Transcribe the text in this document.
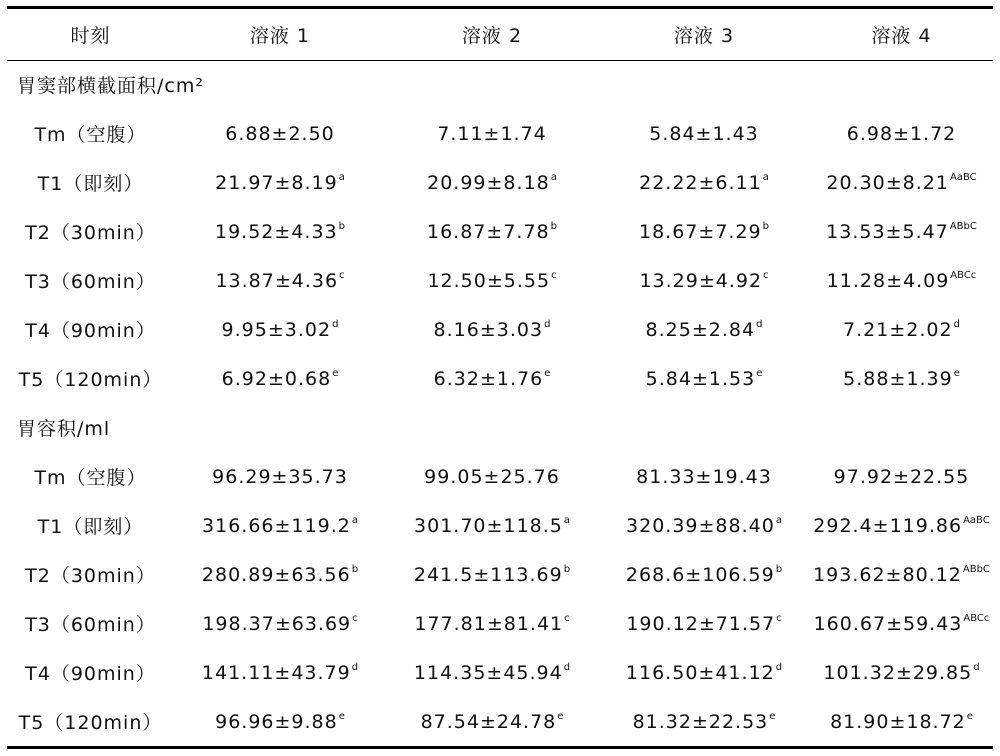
时刻	溶液 1	溶液 2	溶液 3	溶液 4
胃窦部横截面积/cm²				
Tm（空腹）	6.88±2.50	7.11±1.74	5.84±1.43	6.98±1.72
T1（即刻）	21.97±8.19$^a$	20.99±8.18$^a$	22.22±6.11$^a$	$20.30\pm 8.21^{AaBC}$
T2（30min）	19.52±4.33$^b$	16.87±7.78$^b$	18.67±7.29$^b$	$13.53\pm 5.47^{ABbC}$
T3（60min）	13.87±4.36$^c$	12.50±5.55$^c$	13.29±4.92$^c$	$11.28\pm 4.09^{ABCc}$
T4（90min）	9.95±3.02$^d$	8.16±3.03$^d$	8.25±2.84$^d$	7.21±2.02$^d$
T5（120min）	6.92±0.68$^e$	6.32±1.76$^e$	5.84±1.53$^e$	5.88±1.39$^e$
胃容积/ml				
Tm（空腹）	96.29±35.73	99.05±25.76	81.33±19.43	97.92±22.55
T1（即刻）	316.66±119.2$^a$	301.70±118.5$^a$	320.39±88.40$^a$	$292.4\pm 119.86^{AaBC}$
T2（30min）	280.89±63.56$^b$	241.5±113.69$^b$	268.6±106.59$^b$	$193.62\pm 80.12^{ABbC}$
T3（60min）	198.37±63.69$^c$	177.81±81.41$^c$	190.12±71.57$^c$	$160.67\pm 59.43^{ABCc}$
T4（90min）	141.11±43.79$^d$	114.35±45.94$^d$	116.50±41.12$^d$	101.32±29.85$^d$
T5（120min）	96.96±9.88$^e$	87.54±24.78$^e$	81.32±22.53$^e$	81.90±18.72$^e$
